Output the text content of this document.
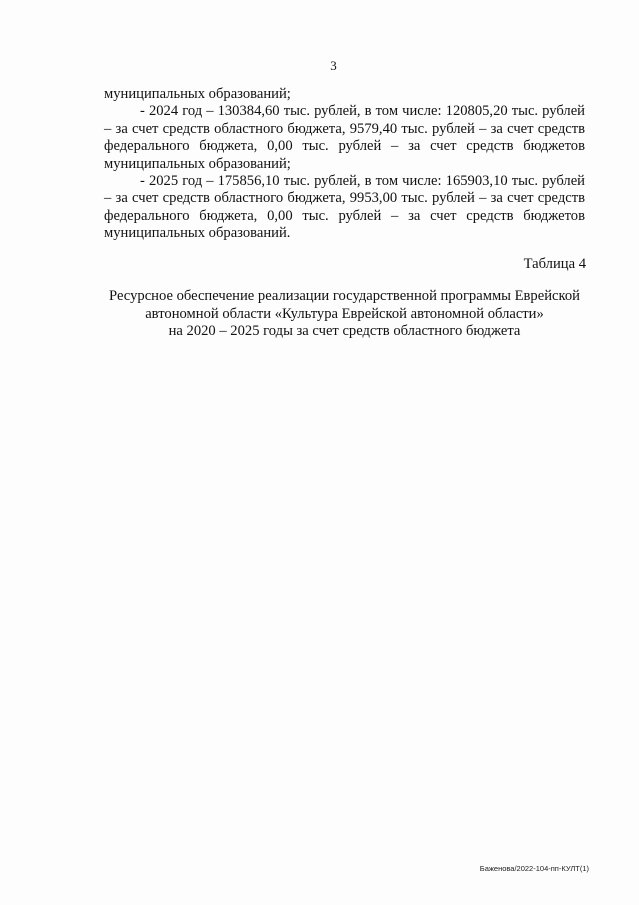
3

муниципальных образований;

- 2024 год – 130384,60 тыс. рублей, в том числе: 120805,20 тыс. рублей – за счет средств областного бюджета, 9579,40 тыс. рублей – за счет средств федерального бюджета, 0,00 тыс. рублей – за счет средств бюджетов муниципальных образований;

- 2025 год – 175856,10 тыс. рублей, в том числе: 165903,10 тыс. рублей – за счет средств областного бюджета, 9953,00 тыс. рублей – за счет средств федерального бюджета, 0,00 тыс. рублей – за счет средств бюджетов муниципальных образований.

Таблица 4
Ресурсное обеспечение реализации государственной программы Еврейской
автономной области «Культура Еврейской автономной области»
на 2020 – 2025 годы за счет средств областного бюджета
Баженова/2022-104-пп-КУЛТ(1)
